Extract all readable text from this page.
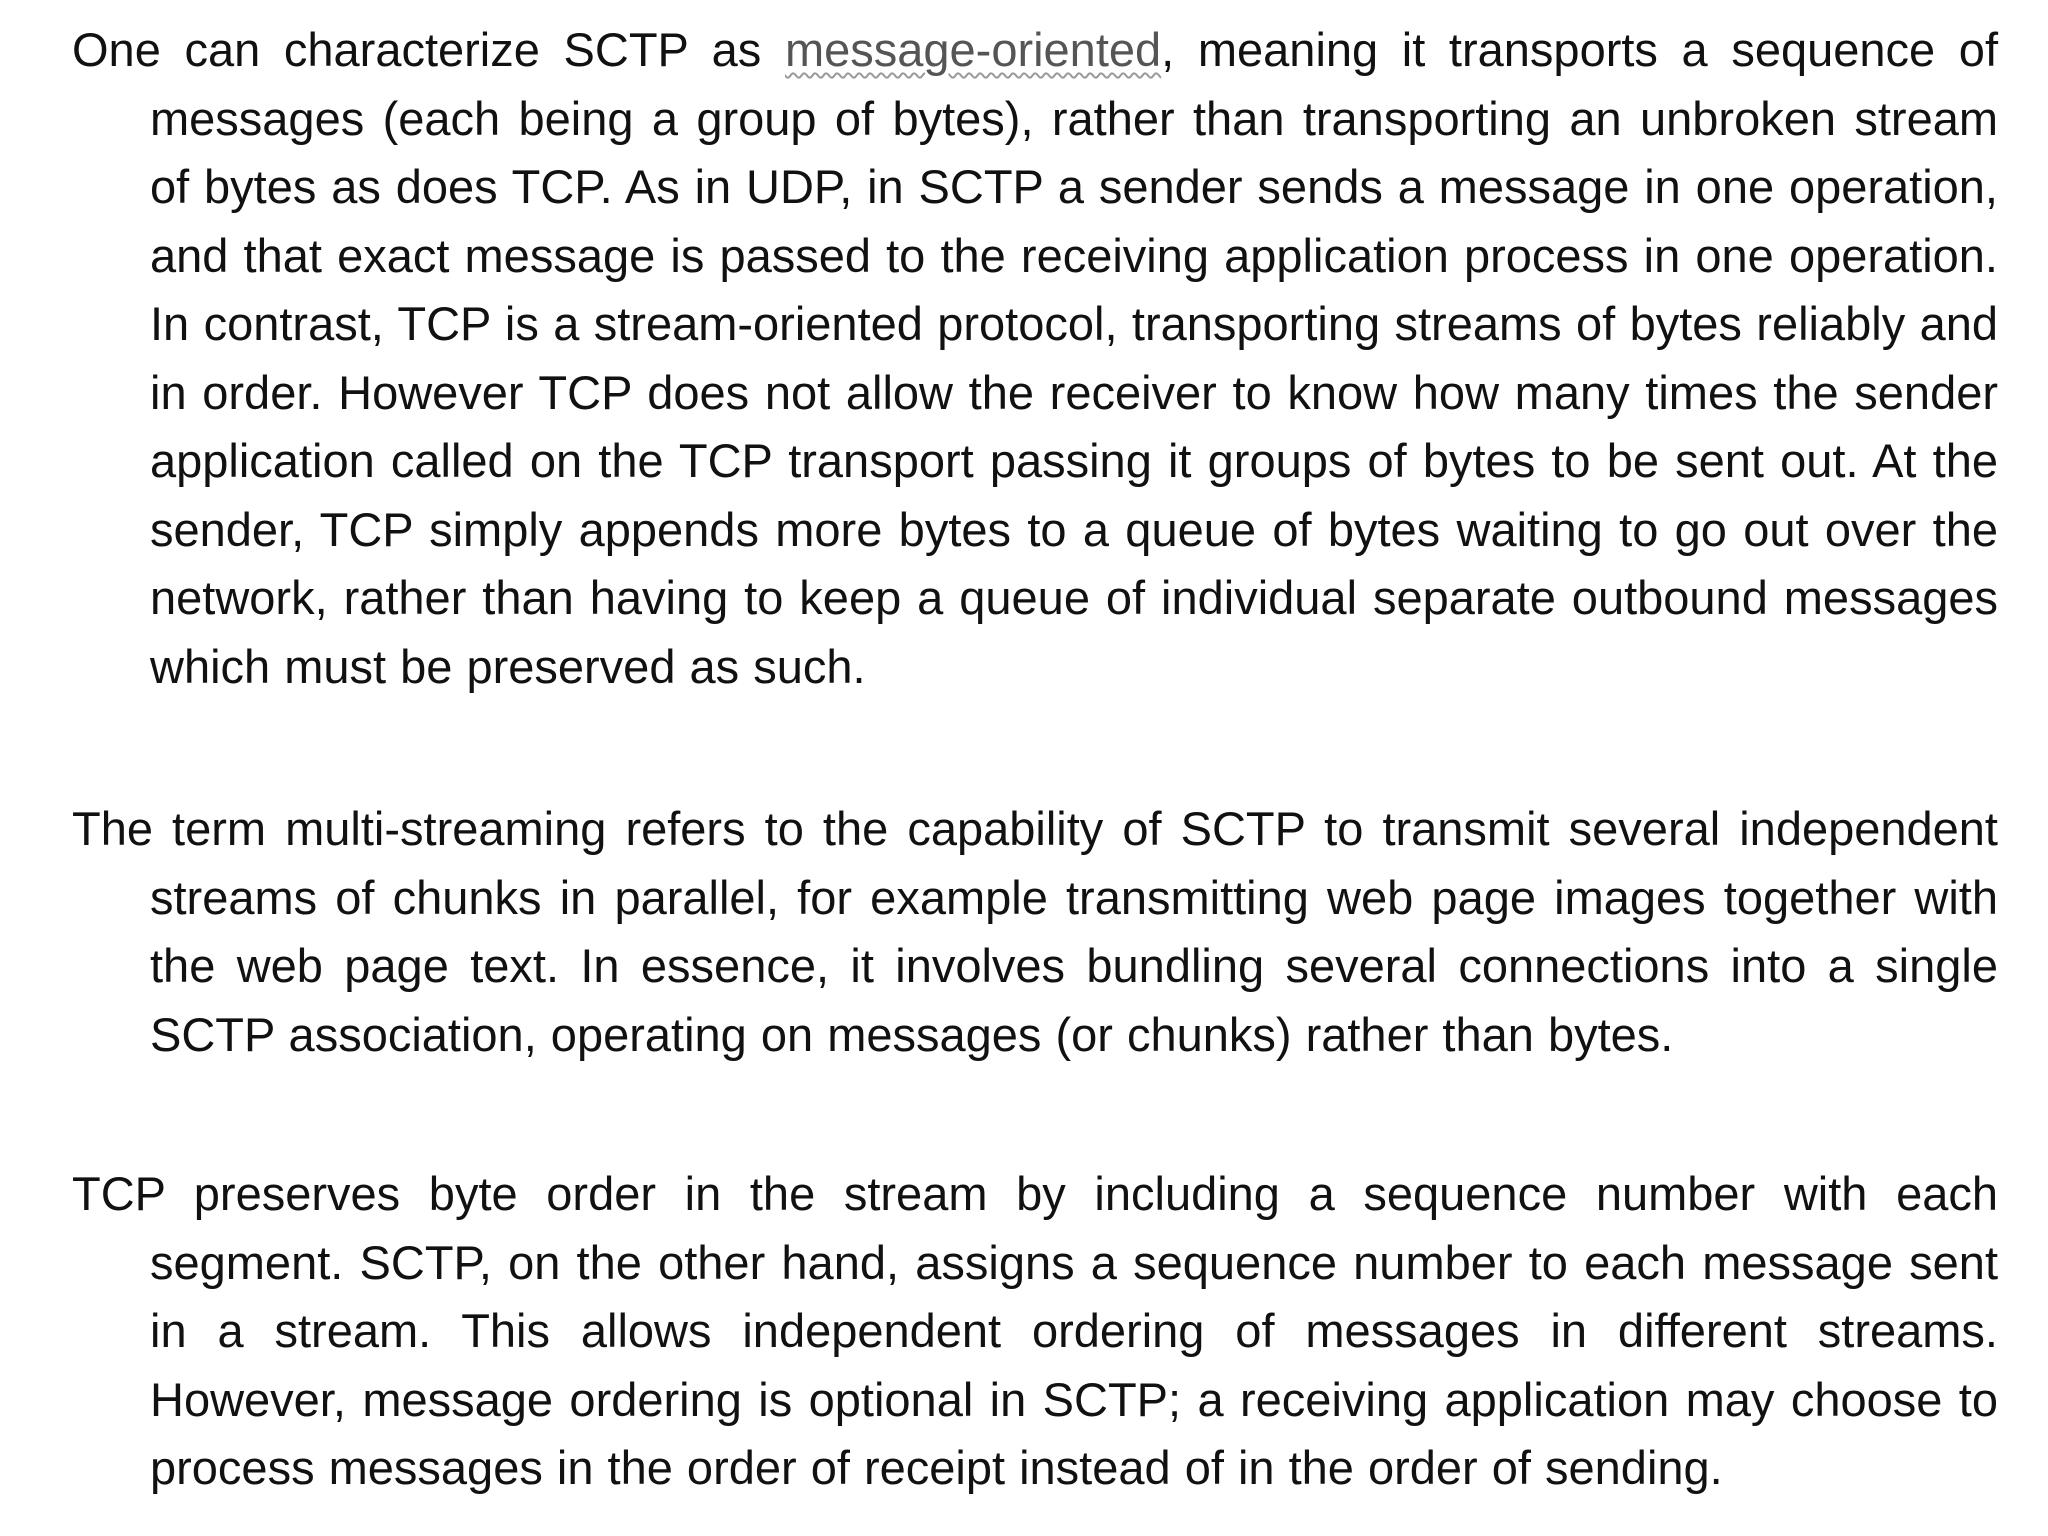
One can characterize SCTP as message-oriented, meaning it transports a sequence of messages (each being a group of bytes), rather than transporting an unbroken stream of bytes as does TCP. As in UDP, in SCTP a sender sends a message in one operation, and that exact message is passed to the receiving application process in one operation. In contrast, TCP is a stream-oriented protocol, transporting streams of bytes reliably and in order. However TCP does not allow the receiver to know how many times the sender application called on the TCP transport passing it groups of bytes to be sent out. At the sender, TCP simply appends more bytes to a queue of bytes waiting to go out over the network, rather than having to keep a queue of individual separate outbound messages which must be preserved as such.

The term multi-streaming refers to the capability of SCTP to transmit several independent streams of chunks in parallel, for example transmitting web page images together with the web page text. In essence, it involves bundling several connections into a single SCTP association, operating on messages (or chunks) rather than bytes.

TCP preserves byte order in the stream by including a sequence number with each segment. SCTP, on the other hand, assigns a sequence number to each message sent in a stream. This allows independent ordering of messages in different streams. However, message ordering is optional in SCTP; a receiving application may choose to process messages in the order of receipt instead of in the order of sending.
